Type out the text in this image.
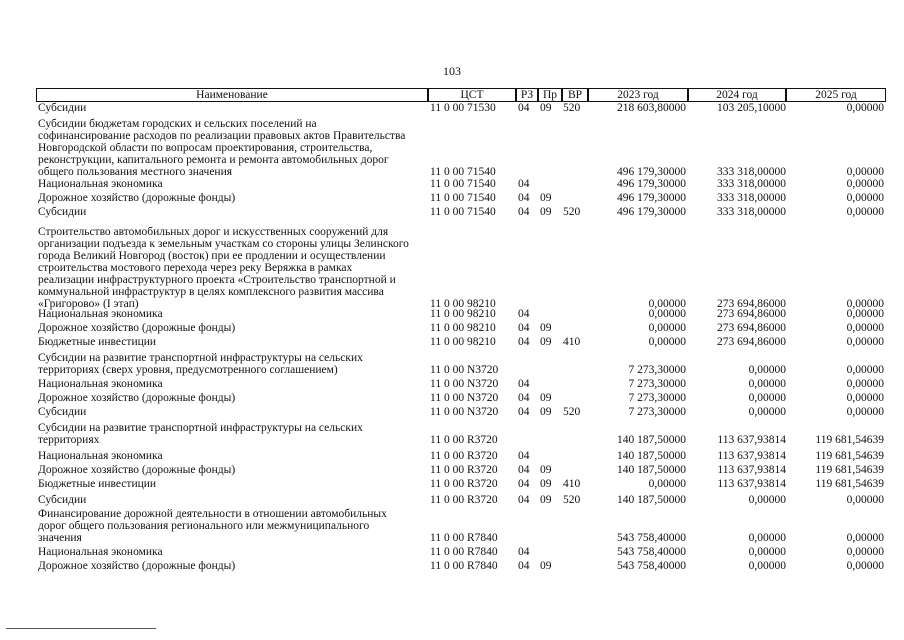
103
Наименование	ЦСТ	РЗ Пр ВР	2023 год	2024 год	2025 год
Субсидии	11 0 00 71530 04 09 520	218 603,80000	103 205,10000	0,00000
Субсидии бюджетам городских и сельских поселений на софинансирование расходов по реализации правовых актов Правительства Новгородской области по вопросам проектирования, строительства, реконструкции, капитального ремонта и ремонта автомобильных дорог общего пользования местного значения	11 0 00 71540	496 179,30000	333 318,00000	0,00000
Национальная экономика	11 0 00 71540 04	496 179,30000	333 318,00000	0,00000
Дорожное хозяйство (дорожные фонды)	11 0 00 71540 04 09	496 179,30000	333 318,00000	0,00000
Субсидии	11 0 00 71540 04 09 520	496 179,30000	333 318,00000	0,00000
Строительство автомобильных дорог и искусственных сооружений для организации подъезда к земельным участкам со стороны улицы Зелинского города Великий Новгород (восток) при ее продлении и осуществлении строительства мостового перехода через реку Веряжка в рамках реализации инфраструктурного проекта «Строительство транспортной и коммунальной инфраструктур в целях комплексного развития массива «Григорово» (I этап)	11 0 00 98210	0,00000	273 694,86000	0,00000
Национальная экономика	11 0 00 98210 04	0,00000	273 694,86000	0,00000
Дорожное хозяйство (дорожные фонды)	11 0 00 98210 04 09	0,00000	273 694,86000	0,00000
Бюджетные инвестиции	11 0 00 98210 04 09 410	0,00000	273 694,86000	0,00000
Субсидии на развитие транспортной инфраструктуры на сельских территориях (сверх уровня, предусмотренного соглашением)	11 0 00 N3720	7 273,30000	0,00000	0,00000
Национальная экономика	11 0 00 N3720 04	7 273,30000	0,00000	0,00000
Дорожное хозяйство (дорожные фонды)	11 0 00 N3720 04 09	7 273,30000	0,00000	0,00000
Субсидии	11 0 00 N3720 04 09 520	7 273,30000	0,00000	0,00000
Субсидии на развитие транспортной инфраструктуры на сельских территориях	11 0 00 R3720	140 187,50000	113 637,93814	119 681,54639
Национальная экономика	11 0 00 R3720 04	140 187,50000	113 637,93814	119 681,54639
Дорожное хозяйство (дорожные фонды)	11 0 00 R3720 04 09	140 187,50000	113 637,93814	119 681,54639
Бюджетные инвестиции	11 0 00 R3720 04 09 410	0,00000	113 637,93814	119 681,54639
Субсидии	11 0 00 R3720 04 09 520	140 187,50000	0,00000	0,00000
Финансирование дорожной деятельности в отношении автомобильных дорог общего пользования регионального или межмуниципального значения	11 0 00 R7840	543 758,40000	0,00000	0,00000
Национальная экономика	11 0 00 R7840 04	543 758,40000	0,00000	0,00000
Дорожное хозяйство (дорожные фонды)	11 0 00 R7840 04 09	543 758,40000	0,00000	0,00000
